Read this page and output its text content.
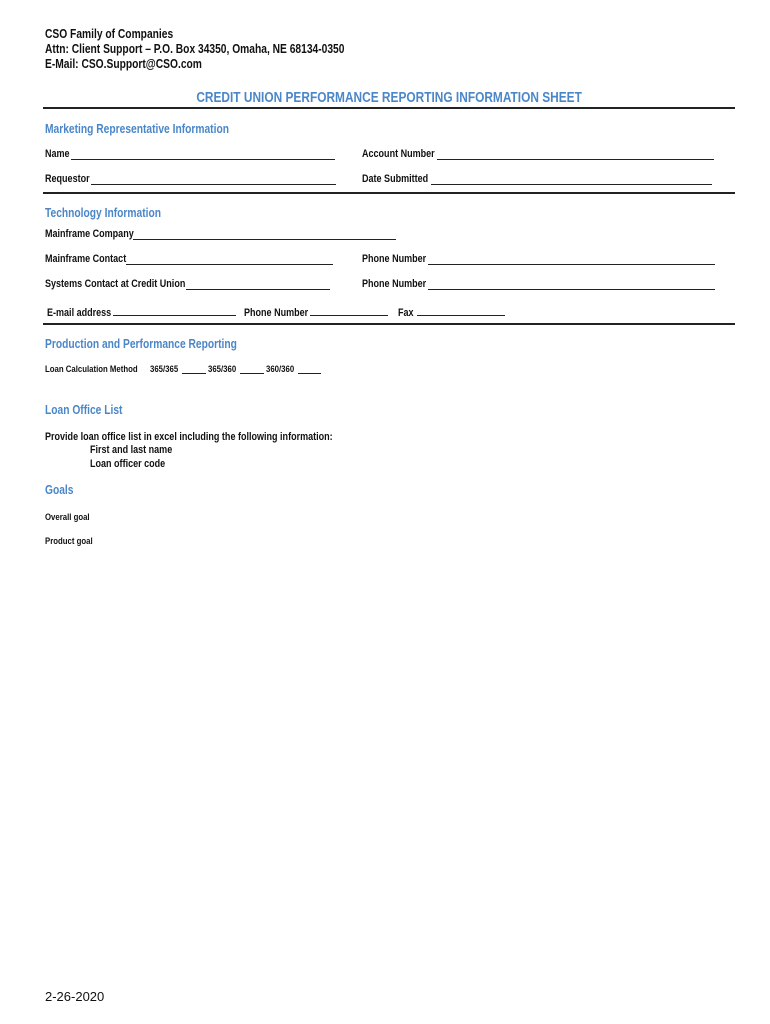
CSO Family of Companies
Attn: Client Support – P.O. Box 34350, Omaha, NE 68134-0350
E-Mail: CSO.Support@CSO.com
CREDIT UNION PERFORMANCE REPORTING INFORMATION SHEET
Marketing Representative Information
Name	Account Number
Requestor	Date Submitted
Technology Information
Mainframe Company
Mainframe Contact	Phone Number
Systems Contact at Credit Union	Phone Number
E-mail address	Phone Number	Fax
Production and Performance Reporting
Loan Calculation Method 365/365	365/360	360/360
Loan Office List
Provide loan office list in excel including the following information:
First and last name
Loan officer code
Goals
Overall goal
Product goal
2-26-2020
